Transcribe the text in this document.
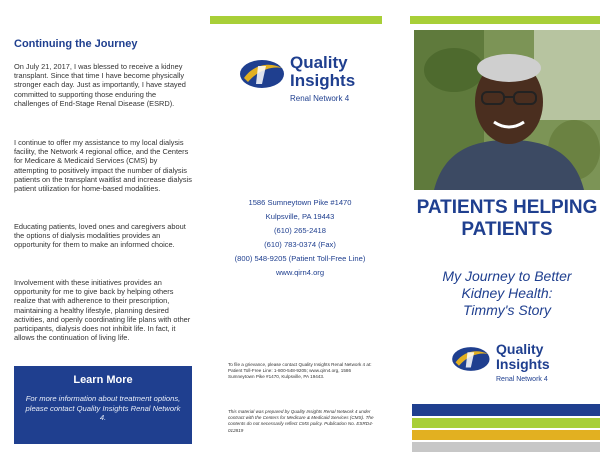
Continuing the Journey

On July 21, 2017, I was blessed to receive a kidney transplant. Since that time I have become physically stronger each day. Just as importantly, I have stayed committed to supporting those enduring the challenges of End-Stage Renal Disease (ESRD).

I continue to offer my assistance to my local dialysis facility, the Network 4 regional office, and the Centers for Medicare & Medicaid Services (CMS) by attempting to positively impact the number of dialysis patients on the transplant waitlist and increase dialysis patient utilization for home-based modalities.

Educating patients, loved ones and caregivers about the options of dialysis modalities provides an opportunity for them to make an informed choice.

Involvement with these initiatives provides an opportunity for me to give back by helping others realize that with adherence to their prescription, maintaining a healthy lifestyle, planning desired activities, and openly coordinating life plans with other participants, dialysis does not inhibit life. In fact, it allows the continuation of living life.

Learn More
For more information about treatment options, please contact Quality Insights Renal Network 4.
Quality
Insights
Renal Network 4
1586 Sumneytown Pike #1470
Kulpsville, PA 19443
(610) 265-2418
(610) 783-0374 (Fax)
(800) 548-9205 (Patient Toll-Free Line)
www.qirn4.org
To file a grievance, please contact Quality Insights Renal Network 4 at: Patient Toll-Free Line: 1-800-548-9205; www.qirn4.org, 1586 Sumneytown Pike #1470, Kulpsville, PA 19443.
This material was prepared by Quality Insights Renal Network 4 under contract with the Centers for Medicare & Medicaid Services (CMS). The contents do not necessarily reflect CMS policy. Publication No. ESRD4-012819
PATIENTS HELPING
PATIENTS
My Journey to Better
Kidney Health:
Timmy's Story
Quality
Insights
Renal Network 4
